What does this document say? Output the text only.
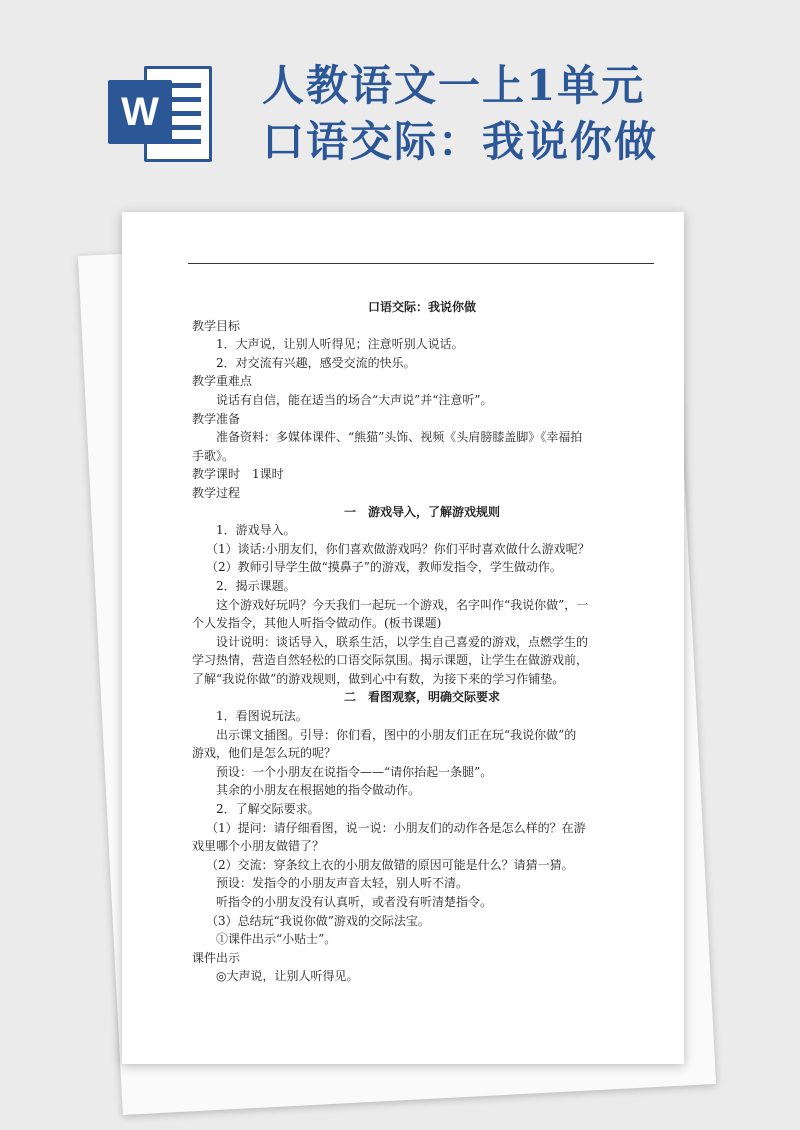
W
人教语文一上1单元口语交际：我说你做

口语交际：我说你做

教学目标

1．大声说，让别人听得见；注意听别人说话。

2．对交流有兴趣，感受交流的快乐。

教学重难点

说话有自信，能在适当的场合“大声说”并“注意听”。

教学准备

准备资料：多媒体课件、“熊猫”头饰、视频《头肩膀膝盖脚》《幸福拍

手歌》。

教学课时　1课时

教学过程

一　游戏导入，了解游戏规则

1．游戏导入。

（1）谈话:小朋友们，你们喜欢做游戏吗？你们平时喜欢做什么游戏呢？

（2）教师引导学生做“摸鼻子”的游戏，教师发指令，学生做动作。

2．揭示课题。

这个游戏好玩吗？今天我们一起玩一个游戏，名字叫作“我说你做”，一

个人发指令，其他人听指令做动作。(板书课题)

设计说明：谈话导入，联系生活，以学生自己喜爱的游戏，点燃学生的

学习热情，营造自然轻松的口语交际氛围。揭示课题，让学生在做游戏前，

了解“我说你做”的游戏规则，做到心中有数，为接下来的学习作铺垫。

二　看图观察，明确交际要求

1．看图说玩法。

出示课文插图。引导：你们看，图中的小朋友们正在玩“我说你做”的

游戏，他们是怎么玩的呢？

预设：一个小朋友在说指令——“请你抬起一条腿”。

其余的小朋友在根据她的指令做动作。

2．了解交际要求。

（1）提问：请仔细看图，说一说：小朋友们的动作各是怎么样的？在游

戏里哪个小朋友做错了？

（2）交流：穿条纹上衣的小朋友做错的原因可能是什么？请猜一猜。

预设：发指令的小朋友声音太轻，别人听不清。

听指令的小朋友没有认真听，或者没有听清楚指令。

（3）总结玩“我说你做”游戏的交际法宝。

①课件出示“小贴士”。

课件出示

◎大声说，让别人听得见。
